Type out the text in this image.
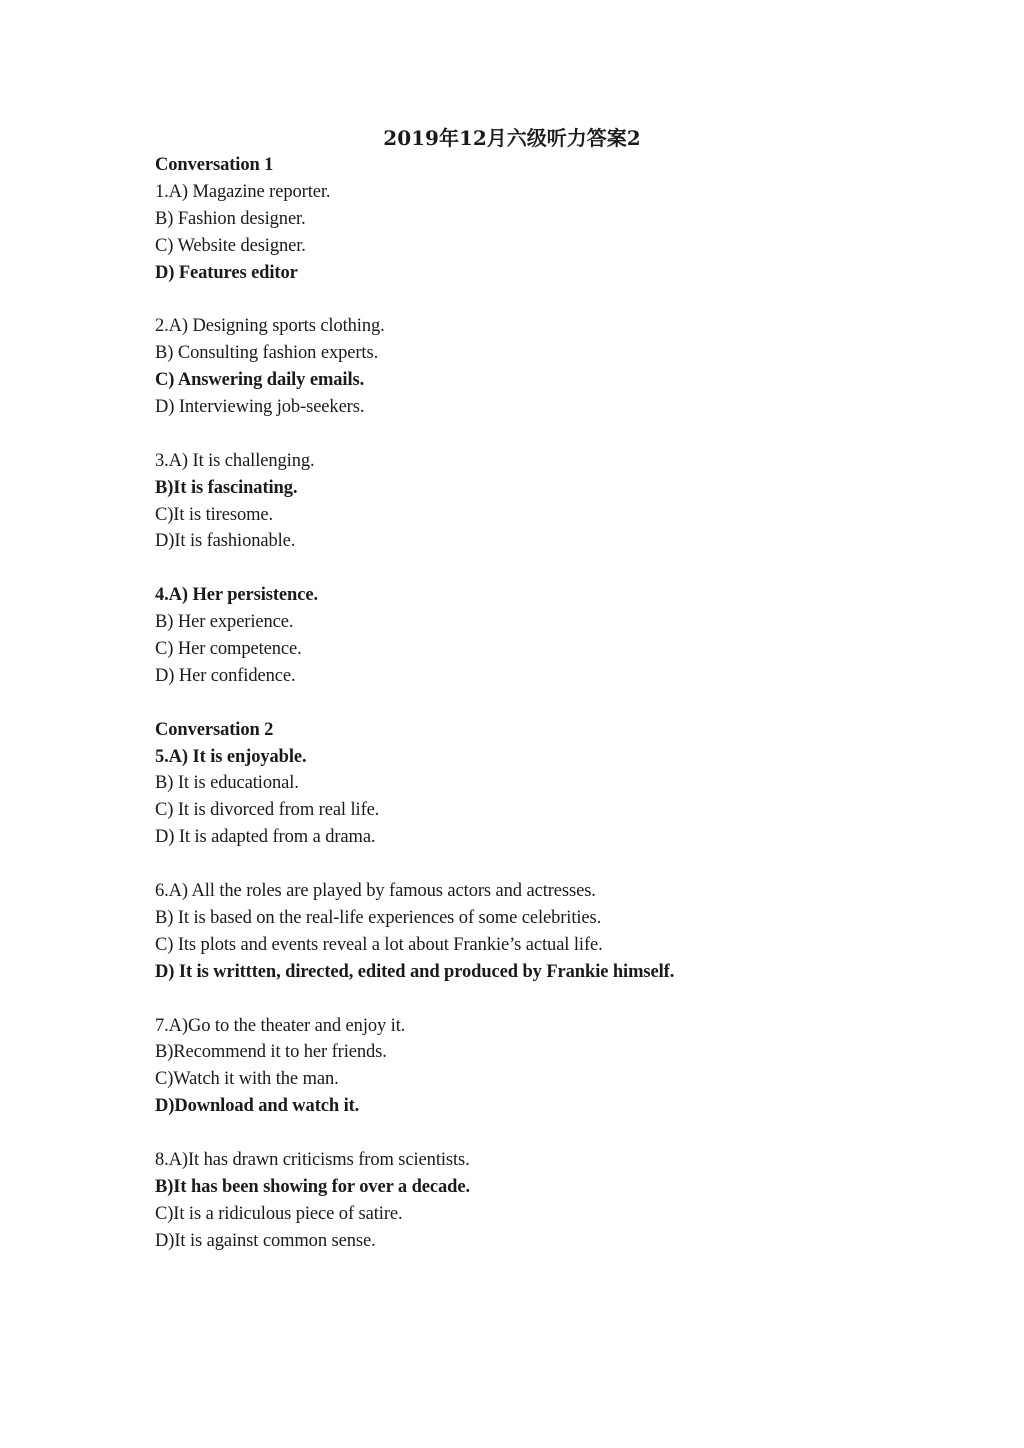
2019年12月六级听力答案2
Conversation 1
1.A) Magazine reporter.
B) Fashion designer.
C) Website designer.
D) Features editor
2.A) Designing sports clothing.
B) Consulting fashion experts.
C) Answering daily emails.
D) Interviewing job-seekers.
3.A) It is challenging.
B)It is fascinating.
C)It is tiresome.
D)It is fashionable.
4.A) Her persistence.
B) Her experience.
C) Her competence.
D) Her confidence.
Conversation 2
5.A) It is enjoyable.
B) It is educational.
C) It is divorced from real life.
D) It is adapted from a drama.
6.A) All the roles are played by famous actors and actresses.
B) It is based on the real-life experiences of some celebrities.
C) Its plots and events reveal a lot about Frankie’s actual life.
D) It is writtten, directed, edited and produced by Frankie himself.
7.A)Go to the theater and enjoy it.
B)Recommend it to her friends.
C)Watch it with the man.
D)Download and watch it.
8.A)It has drawn criticisms from scientists.
B)It has been showing for over a decade.
C)It is a ridiculous piece of satire.
D)It is against common sense.
